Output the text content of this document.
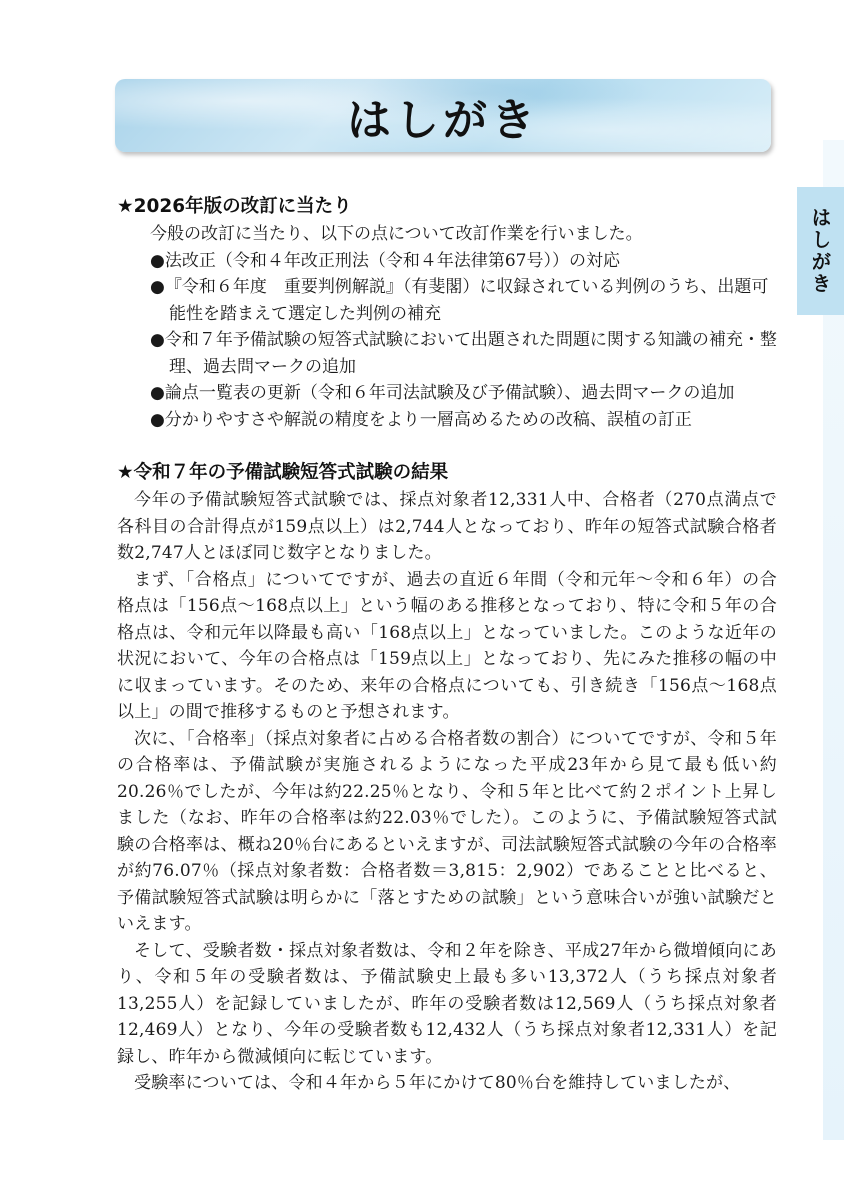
はしがき
はしがき
★2026年版の改訂に当たり

今般の改訂に当たり、以下の点について改訂作業を行いました。

●法改正（令和４年改正刑法（令和４年法律第67号））の対応
●『令和６年度　重要判例解説』（有斐閣）に収録されている判例のうち、出題可能性を踏まえて選定した判例の補充
●令和７年予備試験の短答式試験において出題された問題に関する知識の補充・整理、過去問マークの追加
●論点一覧表の更新（令和６年司法試験及び予備試験）、過去問マークの追加
●分かりやすさや解説の精度をより一層高めるための改稿、誤植の訂正
★令和７年の予備試験短答式試験の結果

今年の予備試験短答式試験では、採点対象者12,331人中、合格者（270点満点で各科目の合計得点が159点以上）は2,744人となっており、昨年の短答式試験合格者数2,747人とほぼ同じ数字となりました。

まず、「合格点」についてですが、過去の直近６年間（令和元年～令和６年）の合格点は「156点～168点以上」という幅のある推移となっており、特に令和５年の合格点は、令和元年以降最も高い「168点以上」となっていました。このような近年の状況において、今年の合格点は「159点以上」となっており、先にみた推移の幅の中に収まっています。そのため、来年の合格点についても、引き続き「156点～168点以上」の間で推移するものと予想されます。

次に、「合格率」（採点対象者に占める合格者数の割合）についてですが、令和５年の合格率は、予備試験が実施されるようになった平成23年から見て最も低い約20.26％でしたが、今年は約22.25％となり、令和５年と比べて約２ポイント上昇しました（なお、昨年の合格率は約22.03％でした）。このように、予備試験短答式試験の合格率は、概ね20％台にあるといえますが、司法試験短答式試験の今年の合格率が約76.07％（採点対象者数：合格者数＝3,815：2,902）であることと比べると、予備試験短答式試験は明らかに「落とすための試験」という意味合いが強い試験だといえます。

そして、受験者数・採点対象者数は、令和２年を除き、平成27年から微増傾向にあり、令和５年の受験者数は、予備試験史上最も多い13,372人（うち採点対象者13,255人）を記録していましたが、昨年の受験者数は12,569人（うち採点対象者12,469人）となり、今年の受験者数も12,432人（うち採点対象者12,331人）を記録し、昨年から微減傾向に転じています。

受験率については、令和４年から５年にかけて80％台を維持していましたが、
